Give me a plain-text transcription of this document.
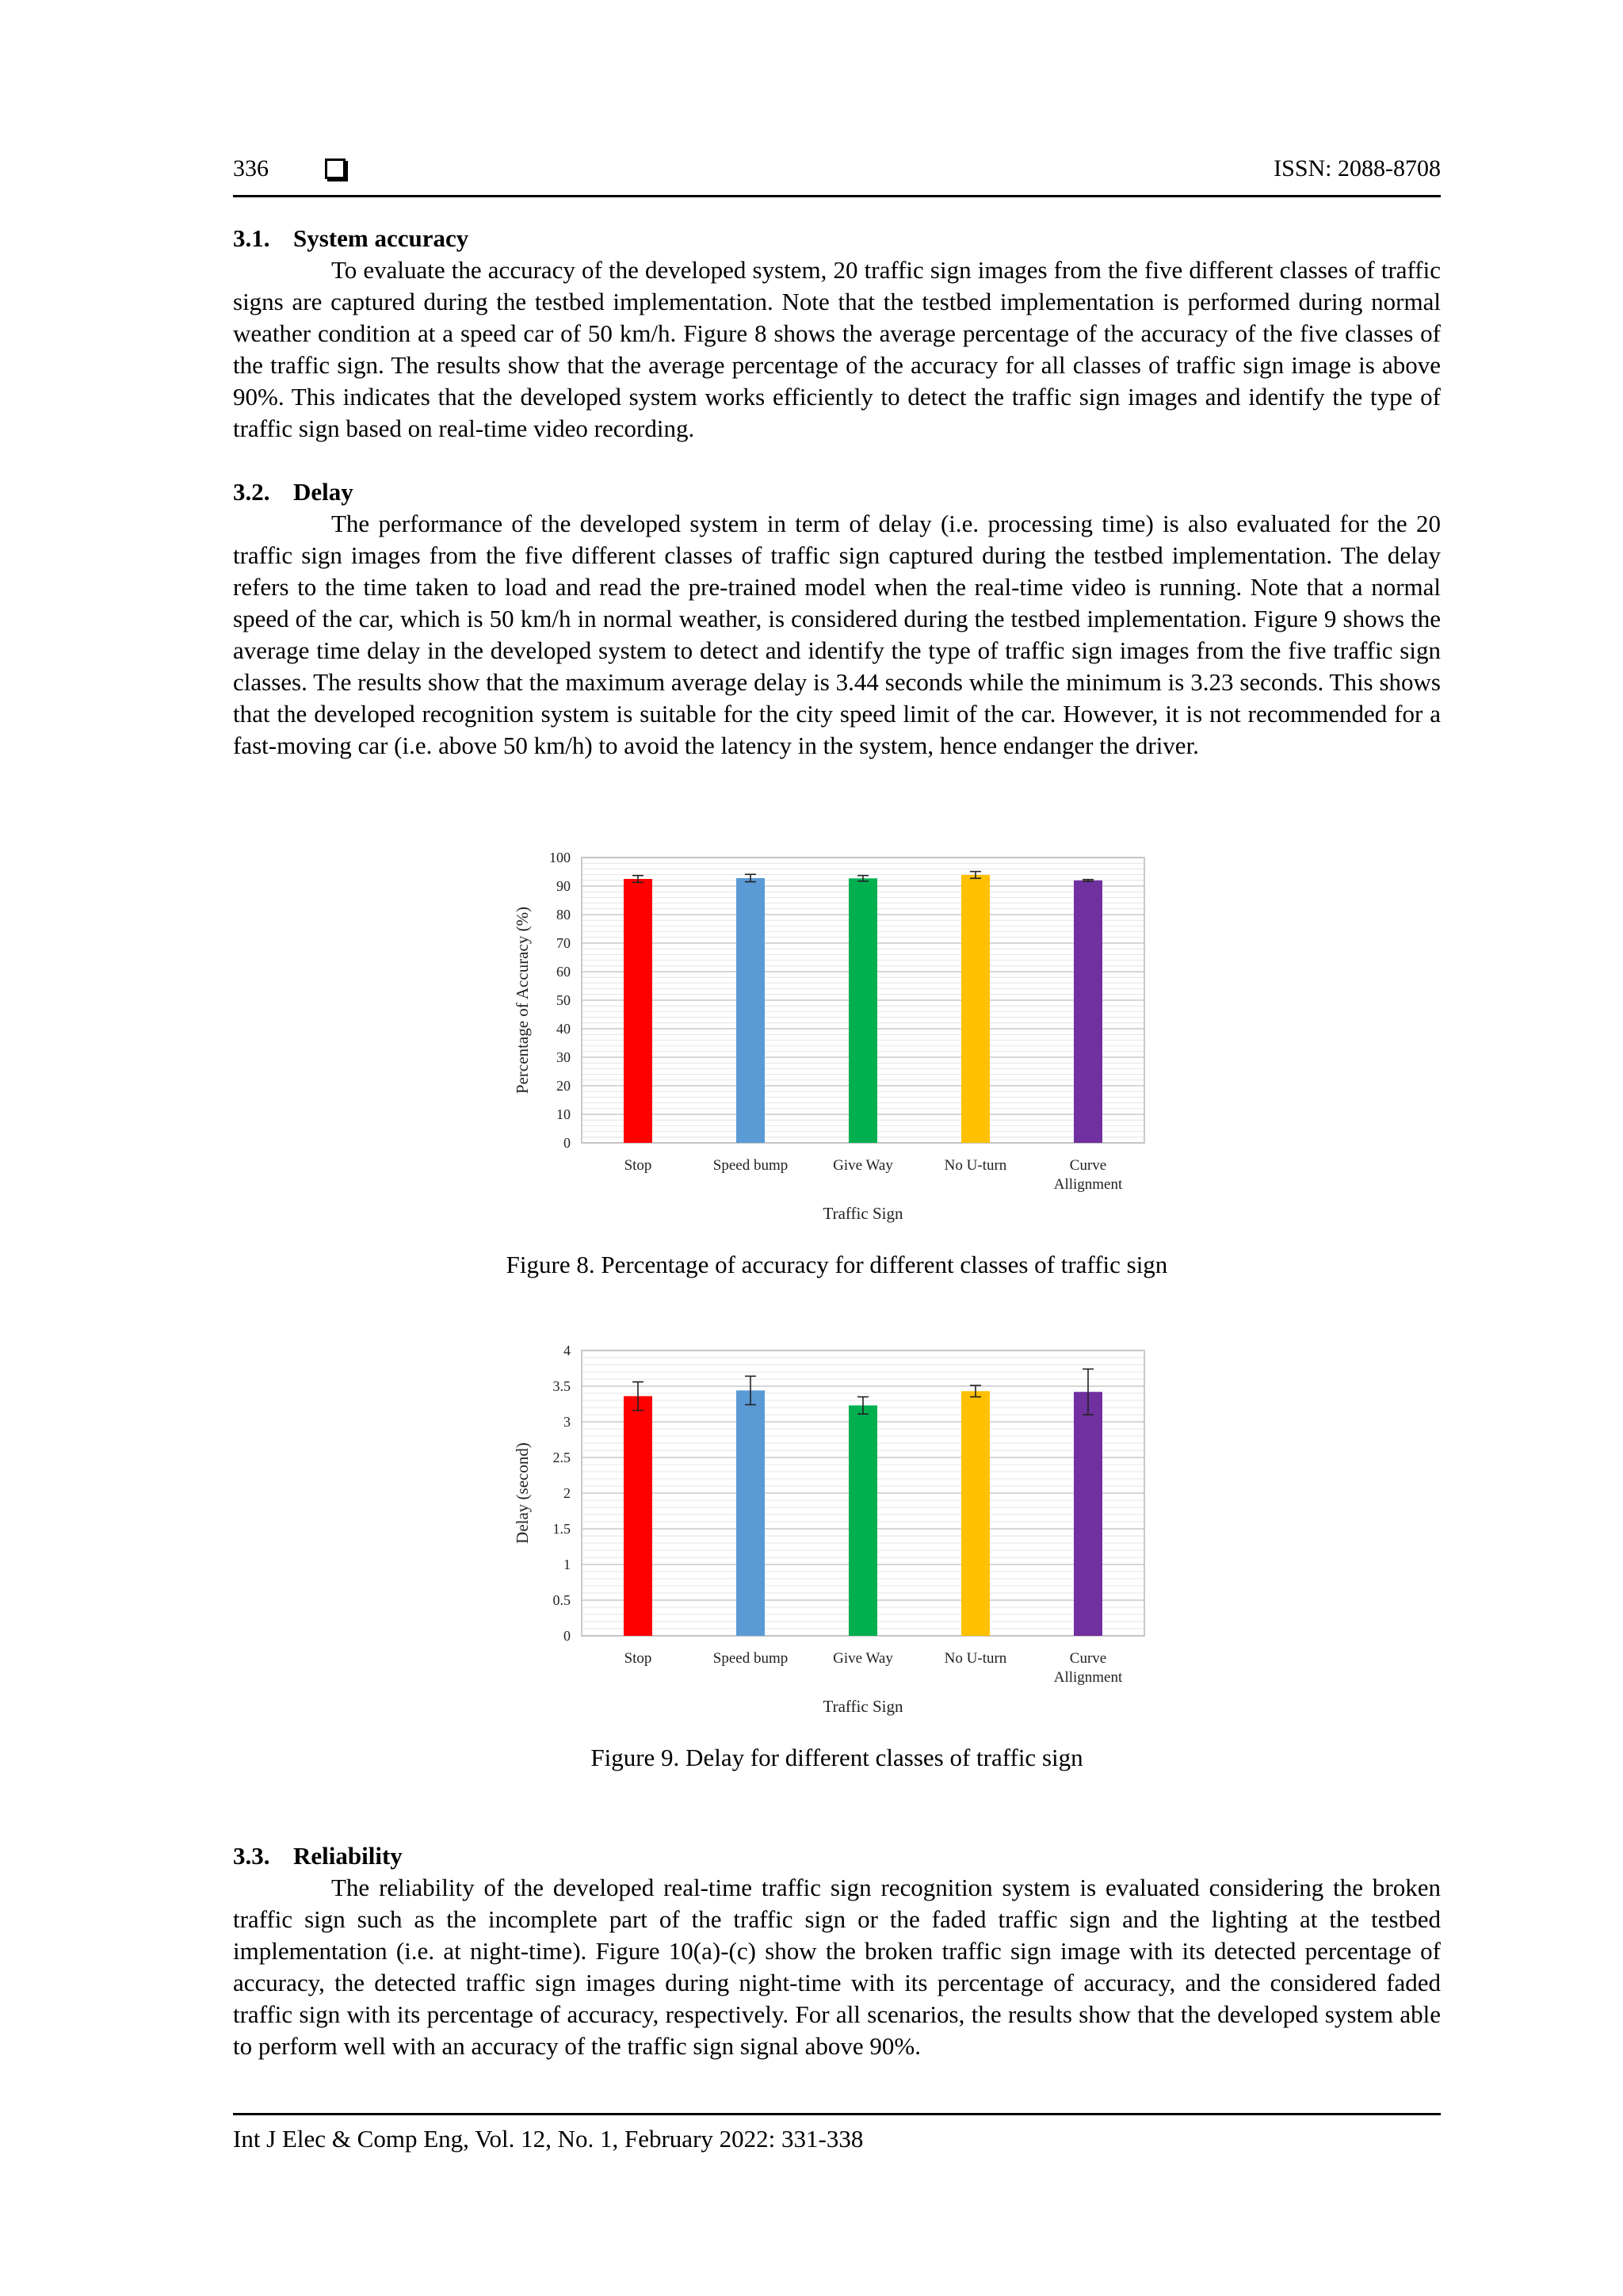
336	ISSN: 2088-8708
3.1. System accuracy

To evaluate the accuracy of the developed system, 20 traffic sign images from the five different classes of traffic signs are captured during the testbed implementation. Note that the testbed implementation is performed during normal weather condition at a speed car of 50 km/h. Figure 8 shows the average percentage of the accuracy of the five classes of the traffic sign. The results show that the average percentage of the accuracy for all classes of traffic sign image is above 90%. This indicates that the developed system works efficiently to detect the traffic sign images and identify the type of traffic sign based on real-time video recording.

3.2. Delay

The performance of the developed system in term of delay (i.e. processing time) is also evaluated for the 20 traffic sign images from the five different classes of traffic sign captured during the testbed implementation. The delay refers to the time taken to load and read the pre-trained model when the real-time video is running. Note that a normal speed of the car, which is 50 km/h in normal weather, is considered during the testbed implementation. Figure 9 shows the average time delay in the developed system to detect and identify the type of traffic sign images from the five traffic sign classes. The results show that the maximum average delay is 3.44 seconds while the minimum is 3.23 seconds. This shows that the developed recognition system is suitable for the city speed limit of the car. However, it is not recommended for a fast-moving car (i.e. above 50 km/h) to avoid the latency in the system, hence endanger the driver.

0
10
20
30
40
50
60
70
80
90
100
Stop	Speed bump	Give Way	No U-turn	Curve Allignment
Traffic Sign
Percentage of Accuracy (%)
Figure 8. Percentage of accuracy for different classes of traffic sign
0
0.5
1
1.5
2
2.5
3
3.5
4
Stop	Speed bump	Give Way	No U-turn	Curve Allignment
Traffic Sign
Delay (second)
Figure 9. Delay for different classes of traffic sign
3.3. Reliability

The reliability of the developed real-time traffic sign recognition system is evaluated considering the broken traffic sign such as the incomplete part of the traffic sign or the faded traffic sign and the lighting at the testbed implementation (i.e. at night-time). Figure 10(a)-(c) show the broken traffic sign image with its detected percentage of accuracy, the detected traffic sign images during night-time with its percentage of accuracy, and the considered faded traffic sign with its percentage of accuracy, respectively. For all scenarios, the results show that the developed system able to perform well with an accuracy of the traffic sign signal above 90%.

Int J Elec & Comp Eng, Vol. 12, No. 1, February 2022: 331-338
